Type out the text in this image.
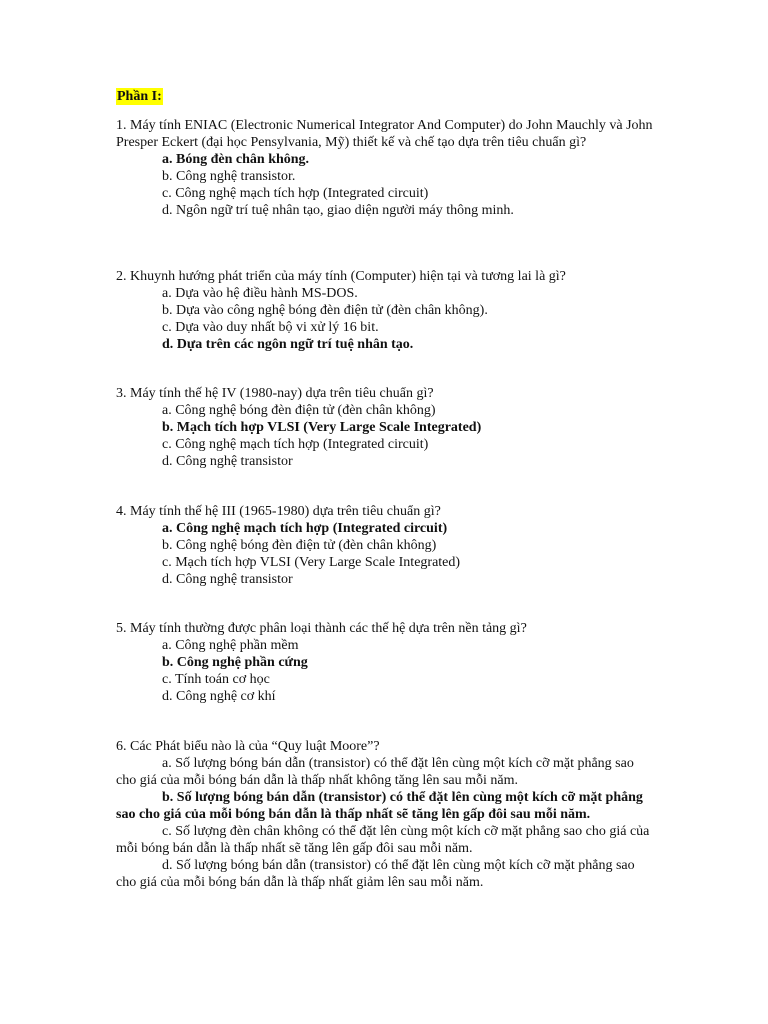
Phần I:

1. Máy tính ENIAC (Electronic Numerical Integrator And Computer) do John Mauchly và John Presper Eckert (đại học Pensylvania, Mỹ) thiết kế và chế tạo dựa trên tiêu chuẩn gì?

a. Bóng đèn chân không.

b. Công nghệ transistor.

c. Công nghệ mạch tích hợp (Integrated circuit)

d. Ngôn ngữ trí tuệ nhân tạo, giao diện người máy thông minh.

2. Khuynh hướng phát triển của máy tính (Computer) hiện tại và tương lai là gì?

a. Dựa vào hệ điều hành MS-DOS.

b. Dựa vào công nghệ bóng đèn điện tử (đèn chân không).

c. Dựa vào duy nhất bộ vi xử lý 16 bit.

d. Dựa trên các ngôn ngữ trí tuệ nhân tạo.

3. Máy tính thế hệ IV (1980-nay) dựa trên tiêu chuẩn gì?

a. Công nghệ bóng đèn điện tử (đèn chân không)

b. Mạch tích hợp VLSI (Very Large Scale Integrated)

c. Công nghệ mạch tích hợp (Integrated circuit)

d. Công nghệ transistor

4. Máy tính thế hệ III (1965-1980) dựa trên tiêu chuẩn gì?

a. Công nghệ mạch tích hợp (Integrated circuit)

b. Công nghệ bóng đèn điện tử (đèn chân không)

c. Mạch tích hợp VLSI (Very Large Scale Integrated)

d. Công nghệ transistor

5. Máy tính thường được phân loại thành các thế hệ dựa trên nền tảng gì?

a. Công nghệ phần mềm

b. Công nghệ phần cứng

c. Tính toán cơ học

d. Công nghệ cơ khí

6. Các Phát biểu nào là của “Quy luật Moore”?

a. Số lượng bóng bán dẫn (transistor) có thể đặt lên cùng một kích cỡ mặt phẳng sao cho giá của mỗi bóng bán dẫn là thấp nhất không tăng lên sau mỗi năm.

b. Số lượng bóng bán dẫn (transistor) có thể đặt lên cùng một kích cỡ mặt phẳng sao cho giá của mỗi bóng bán dẫn là thấp nhất sẽ tăng lên gấp đôi sau mỗi năm.

c. Số lượng đèn chân không có thể đặt lên cùng một kích cỡ mặt phẳng sao cho giá của mỗi bóng bán dẫn là thấp nhất sẽ tăng lên gấp đôi sau mỗi năm.

d. Số lượng bóng bán dẫn (transistor) có thể đặt lên cùng một kích cỡ mặt phẳng sao cho giá của mỗi bóng bán dẫn là thấp nhất giảm lên sau mỗi năm.
